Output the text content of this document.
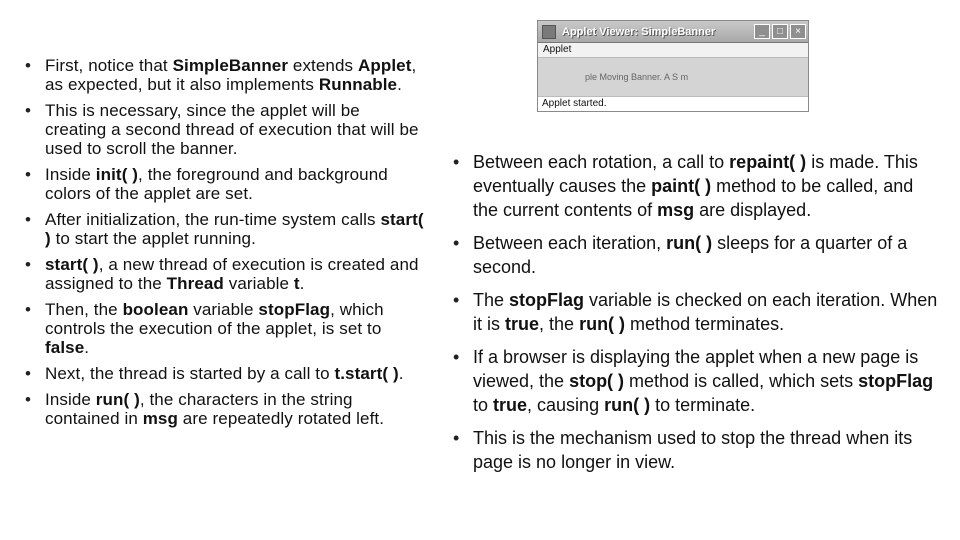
• First, notice that SimpleBanner extends Applet, as expected, but it also implements Runnable.
• This is necessary, since the applet will be creating a second thread of execution that will be used to scroll the banner.
• Inside init( ), the foreground and background colors of the applet are set.
• After initialization, the run-time system calls start( ) to start the applet running.
• start( ), a new thread of execution is created and assigned to the Thread variable t.
• Then, the boolean variable stopFlag, which controls the execution of the applet, is set to false.
• Next, the thread is started by a call to t.start( ).
• Inside run( ), the characters in the string contained in msg are repeatedly rotated left.
Applet Viewer: SimpleBanner	_	□	×
Applet
ple Moving Banner. A S m
Applet started.
• Between each rotation, a call to repaint( ) is made. This eventually causes the paint( ) method to be called, and the current contents of msg are displayed.
• Between each iteration, run( ) sleeps for a quarter of a second.
• The stopFlag variable is checked on each iteration. When it is true, the run( ) method terminates.
• If a browser is displaying the applet when a new page is viewed, the stop( ) method is called, which sets stopFlag to true, causing run( ) to terminate.
• This is the mechanism used to stop the thread when its page is no longer in view.
